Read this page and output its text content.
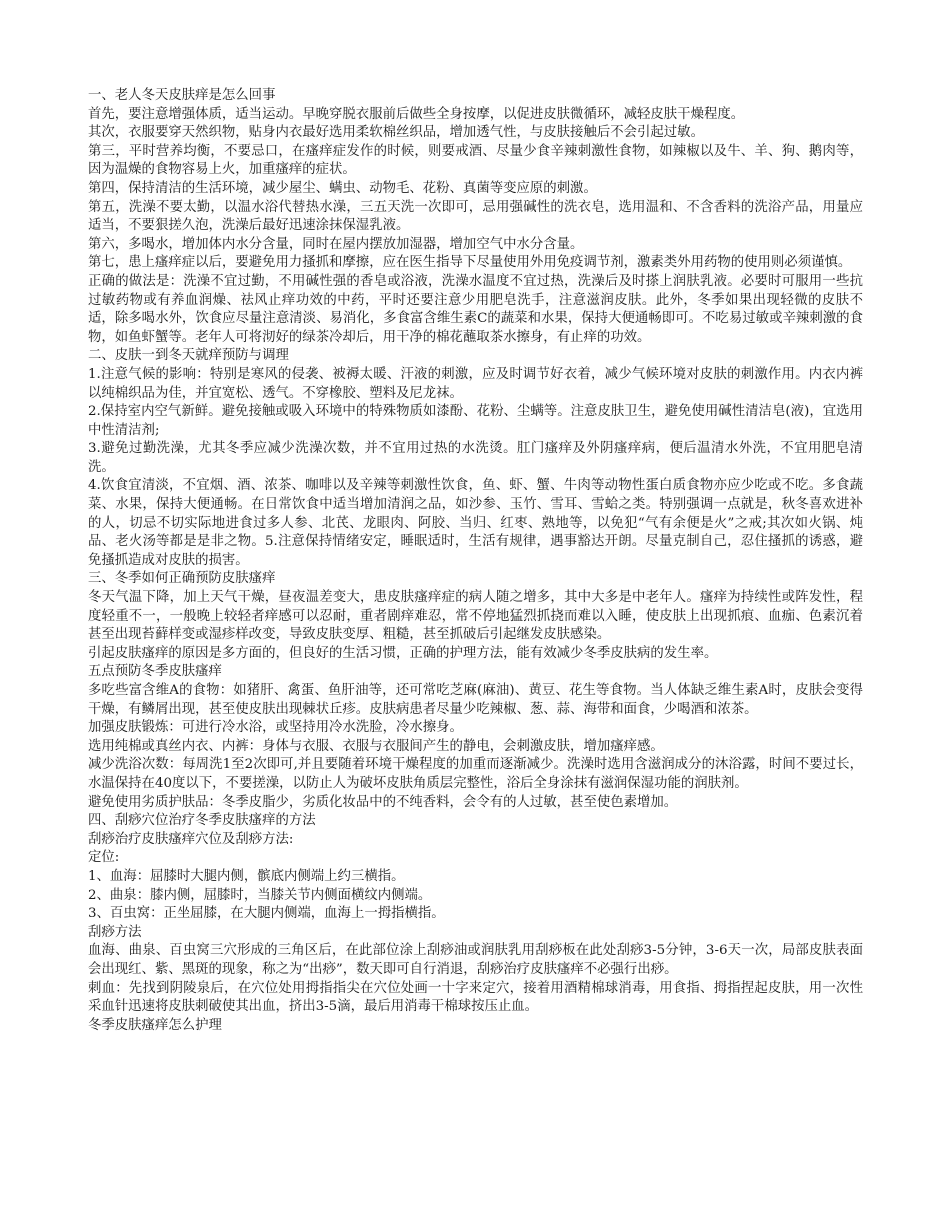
一、老人冬天皮肤痒是怎么回事

首先，要注意增强体质，适当运动。早晚穿脱衣服前后做些全身按摩，以促进皮肤微循环，减轻皮肤干燥程度。

其次，衣服要穿天然织物，贴身内衣最好选用柔软棉丝织品，增加透气性，与皮肤接触后不会引起过敏。

第三，平时营养均衡，不要忌口，在瘙痒症发作的时候，则要戒酒、尽量少食辛辣刺激性食物，如辣椒以及牛、羊、狗、鹅肉等，因为温燥的食物容易上火，加重瘙痒的症状。

第四，保持清洁的生活环境，减少屋尘、螨虫、动物毛、花粉、真菌等变应原的刺激。

第五，洗澡不要太勤，以温水浴代替热水澡，三五天洗一次即可，忌用强碱性的洗衣皂，选用温和、不含香料的洗浴产品，用量应适当，不要狠搓久泡，洗澡后最好迅速涂抹保湿乳液。

第六，多喝水，增加体内水分含量，同时在屋内摆放加湿器，增加空气中水分含量。

第七，患上瘙痒症以后，要避免用力搔抓和摩擦，应在医生指导下尽量使用外用免疫调节剂，激素类外用药物的使用则必须谨慎。

正确的做法是：洗澡不宜过勤，不用碱性强的香皂或浴液，洗澡水温度不宜过热，洗澡后及时搽上润肤乳液。必要时可服用一些抗过敏药物或有养血润燥、祛风止痒功效的中药，平时还要注意少用肥皂洗手，注意滋润皮肤。此外，冬季如果出现轻微的皮肤不适，除多喝水外，饮食应尽量注意清淡、易消化，多食富含维生素C的蔬菜和水果，保持大便通畅即可。不吃易过敏或辛辣刺激的食物，如鱼虾蟹等。老年人可将沏好的绿茶冷却后，用干净的棉花蘸取茶水擦身，有止痒的功效。

二、皮肤一到冬天就痒预防与调理

1.注意气候的影响：特别是寒风的侵袭、被褥太暖、汗液的刺激，应及时调节好衣着，减少气候环境对皮肤的刺激作用。内衣内裤以纯棉织品为佳，并宜宽松、透气。不穿橡胶、塑料及尼龙袜。

2.保持室内空气新鲜。避免接触或吸入环境中的特殊物质如漆酚、花粉、尘螨等。注意皮肤卫生，避免使用碱性清洁皂(液)，宜选用中性清洁剂;

3.避免过勤洗澡，尤其冬季应减少洗澡次数，并不宜用过热的水洗烫。肛门瘙痒及外阴瘙痒病，便后温清水外洗，不宜用肥皂清洗。

4.饮食宜清淡，不宜烟、酒、浓茶、咖啡以及辛辣等刺激性饮食，鱼、虾、蟹、牛肉等动物性蛋白质食物亦应少吃或不吃。多食蔬菜、水果，保持大便通畅。在日常饮食中适当增加清润之品，如沙参、玉竹、雪耳、雪蛤之类。特别强调一点就是，秋冬喜欢进补的人，切忌不切实际地进食过多人参、北芪、龙眼肉、阿胶、当归、红枣、熟地等，以免犯“气有余便是火”之戒;其次如火锅、炖品、老火汤等都是是非之物。5.注意保持情绪安定，睡眠适时，生活有规律，遇事豁达开朗。尽量克制自己，忍住搔抓的诱惑，避免搔抓造成对皮肤的损害。

三、冬季如何正确预防皮肤瘙痒

冬天气温下降，加上天气干燥，昼夜温差变大，患皮肤瘙痒症的病人随之增多，其中大多是中老年人。瘙痒为持续性或阵发性，程度轻重不一，一般晚上较轻者痒感可以忍耐，重者剧痒难忍，常不停地猛烈抓挠而难以入睡，使皮肤上出现抓痕、血痂、色素沉着甚至出现苔藓样变或湿疹样改变，导致皮肤变厚、粗糙，甚至抓破后引起继发皮肤感染。

引起皮肤瘙痒的原因是多方面的，但良好的生活习惯，正确的护理方法，能有效减少冬季皮肤病的发生率。

五点预防冬季皮肤瘙痒

多吃些富含维A的食物：如猪肝、禽蛋、鱼肝油等，还可常吃芝麻(麻油)、黄豆、花生等食物。当人体缺乏维生素A时，皮肤会变得干燥，有鳞屑出现，甚至使皮肤出现棘状丘疹。皮肤病患者尽量少吃辣椒、葱、蒜、海带和面食，少喝酒和浓茶。

加强皮肤锻炼：可进行冷水浴，或坚持用冷水洗脸，冷水擦身。

选用纯棉或真丝内衣、内裤：身体与衣服、衣服与衣服间产生的静电，会刺激皮肤，增加瘙痒感。

减少洗浴次数：每周洗1至2次即可,并且要随着环境干燥程度的加重而逐渐减少。洗澡时选用含滋润成分的沐浴露，时间不要过长，水温保持在40度以下，不要搓澡，以防止人为破坏皮肤角质层完整性，浴后全身涂抹有滋润保湿功能的润肤剂。

避免使用劣质护肤品：冬季皮脂少，劣质化妆品中的不纯香料，会令有的人过敏，甚至使色素增加。

四、刮痧穴位治疗冬季皮肤瘙痒的方法

刮痧治疗皮肤瘙痒穴位及刮痧方法:

定位:

1、血海：屈膝时大腿内侧，髌底内侧端上约三横指。

2、曲泉：膝内侧，屈膝时，当膝关节内侧面横纹内侧端。

3、百虫窝：正坐屈膝，在大腿内侧端，血海上一拇指横指。

刮痧方法

血海、曲泉、百虫窝三穴形成的三角区后，在此部位涂上刮痧油或润肤乳用刮痧板在此处刮痧3-5分钟，3-6天一次，局部皮肤表面会出现红、紫、黑斑的现象，称之为“出痧”，数天即可自行消退，刮痧治疗皮肤瘙痒不必强行出痧。

刺血：先找到阴陵泉后，在穴位处用拇指指尖在穴位处画一十字来定穴，接着用酒精棉球消毒，用食指、拇指捏起皮肤，用一次性采血针迅速将皮肤刺破使其出血，挤出3-5滴，最后用消毒干棉球按压止血。

冬季皮肤瘙痒怎么护理
